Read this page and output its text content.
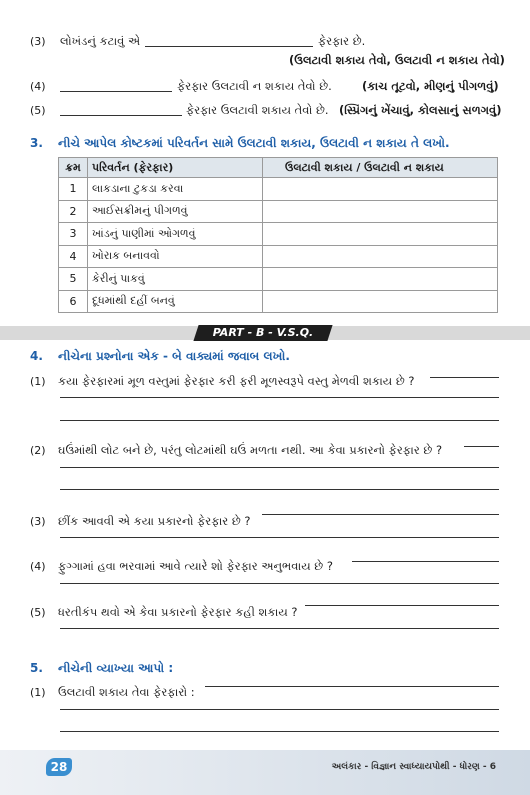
(3) લોખંડનું કટાવું એ	ફેરફાર છે.
(ઉલટાવી શકાય તેવો, ઉલટાવી ન શકાય તેવો)
(4)	ફેરફાર ઉલટાવી ન શકાય તેવો છે.	(કાચ તૂટવો, મીણનું પીગળવું)
(5)	ફેરફાર ઉલટાવી શકાય તેવો છે. (સ્પ્રિંગનું ખેંચાવું, કોલસાનું સળગવું)
3. નીચે આપેલ કોષ્ટકમાં પરિવર્તન સામે ઉલટાવી શકાય, ઉલટાવી ન શકાય તે લખો.
ક્રમ	પરિવર્તન (ફેરફાર)	ઉલટાવી શકાય / ઉલટાવી ન શકાય
1	લાકડાના ટુકડા કરવા	
2	આઈસક્રીમનું પીગળવું	
3	ખાંડનું પાણીમાં ઓગળવું	
4	ખોરાક બનાવવો	
5	કેરીનું પાકવું	
6	દૂધમાંથી દહીં બનવું	
PART - B - V.S.Q.
4. નીચેના પ્રશ્નોના એક - બે વાક્યમાં જવાબ લખો.
(1) કયા ફેરફારમાં મૂળ વસ્તુમાં ફેરફાર કરી ફરી મૂળસ્વરૂપે વસ્તુ મેળવી શકાય છે ?
(2) ઘઉંમાંથી લોટ બને છે, પરંતુ લોટમાંથી ઘઉં મળતા નથી. આ કેવા પ્રકારનો ફેરફાર છે ?
(3) છીંક આવવી એ કયા પ્રકારનો ફેરફાર છે ?
(4) ફુગ્ગામાં હવા ભરવામાં આવે ત્યારે શો ફેરફાર અનુભવાય છે ?
(5) ધરતીકંપ થવો એ કેવા પ્રકારનો ફેરફાર કહી શકાય ?
5. નીચેની વ્યાખ્યા આપો :
(1) ઉલટાવી શકાય તેવા ફેરફારો :
28	અલંકાર - વિજ્ઞાન સ્વાધ્યાયપોથી - ધોરણ - 6
